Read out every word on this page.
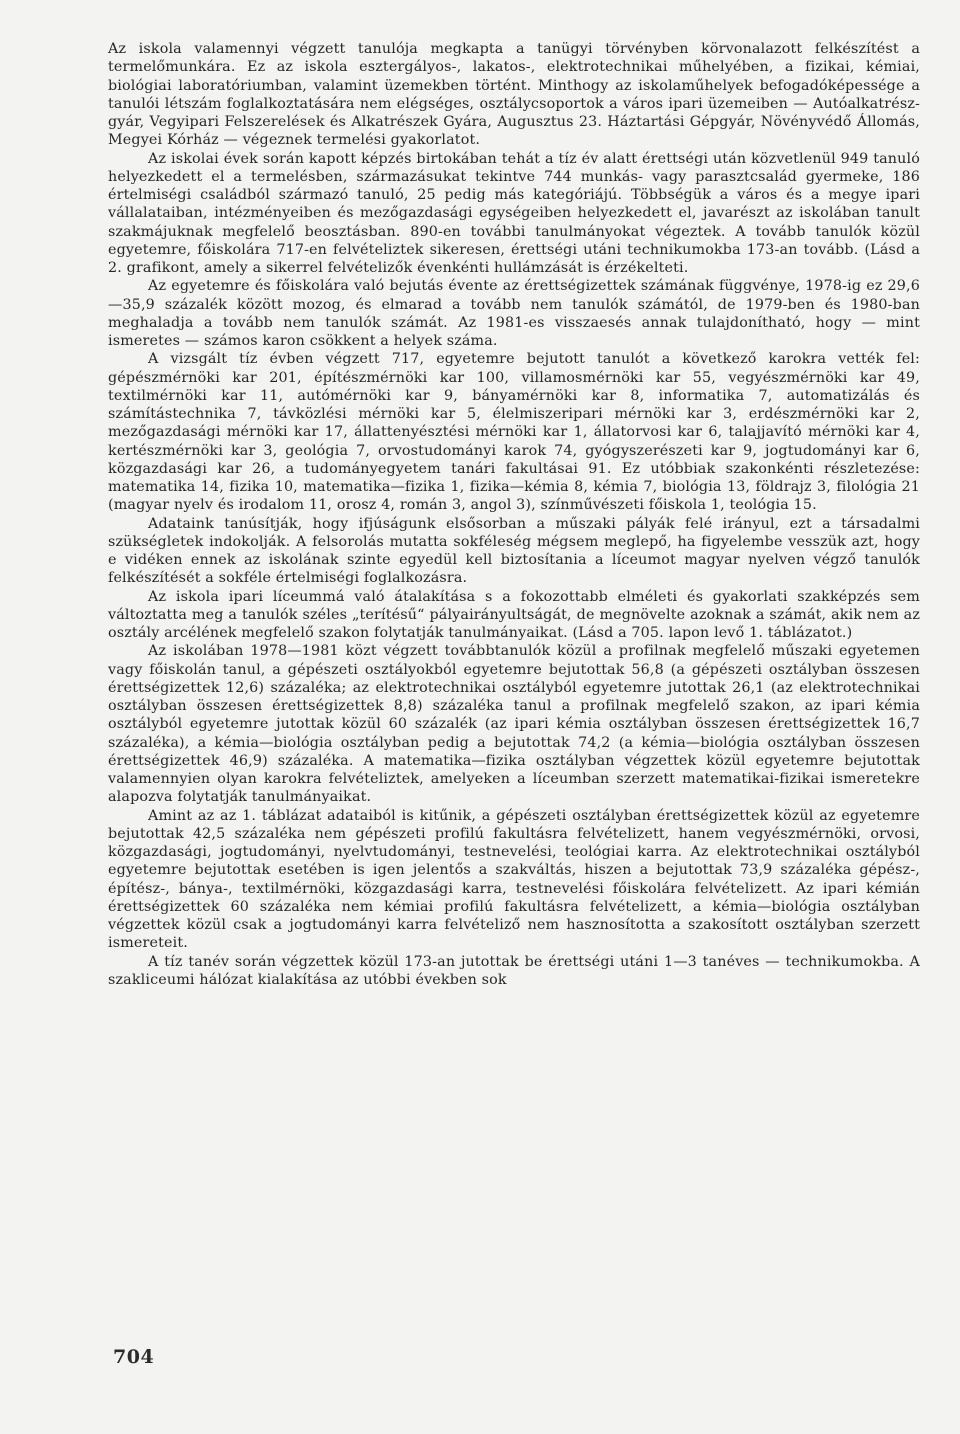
Az iskola valamennyi végzett tanulója megkapta a tanügyi törvényben körvonalazott felkészítést a termelőmunkára. Ez az iskola esztergályos-, lakatos-, elektrotechnikai műhelyében, a fizikai, kémiai, biológiai laboratóriumban, valamint üzemekben történt. Minthogy az iskolaműhelyek befogadóképessége a tanulói létszám foglalkoztatására nem elégséges, osztálycsoportok a város ipari üzemeiben — Autóalkatrész-gyár, Vegyipari Felszerelések és Alkatrészek Gyára, Augusztus 23. Háztartási Gépgyár, Növényvédő Állomás, Megyei Kórház — végeznek termelési gyakorlatot.

Az iskolai évek során kapott képzés birtokában tehát a tíz év alatt érettségi után közvetlenül 949 tanuló helyezkedett el a termelésben, származásukat tekintve 744 munkás- vagy parasztcsalád gyermeke, 186 értelmiségi családból származó tanuló, 25 pedig más kategóriájú. Többségük a város és a megye ipari vállalataiban, intézményeiben és mezőgazdasági egységeiben helyezkedett el, javarészt az iskolában tanult szakmájuknak megfelelő beosztásban. 890-en további tanulmányokat végeztek. A tovább tanulók közül egyetemre, főiskolára 717-en felvételiztek sikeresen, érettségi utáni technikumokba 173-an tovább. (Lásd a 2. grafikont, amely a sikerrel felvételizők évenkénti hullámzását is érzékelteti.

Az egyetemre és főiskolára való bejutás évente az érettségizettek számának függvénye, 1978-ig ez 29,6—35,9 százalék között mozog, és elmarad a tovább nem tanulók számától, de 1979-ben és 1980-ban meghaladja a tovább nem tanulók számát. Az 1981-es visszaesés annak tulajdonítható, hogy — mint ismeretes — számos karon csökkent a helyek száma.

A vizsgált tíz évben végzett 717, egyetemre bejutott tanulót a következő karokra vették fel: gépészmérnöki kar 201, építészmérnöki kar 100, villamosmérnöki kar 55, vegyészmérnöki kar 49, textilmérnöki kar 11, autómérnöki kar 9, bányamérnöki kar 8, informatika 7, automatizálás és számítástechnika 7, távközlési mérnöki kar 5, élelmiszeripari mérnöki kar 3, erdészmérnöki kar 2, mezőgazdasági mérnöki kar 17, állattenyésztési mérnöki kar 1, állatorvosi kar 6, talajjavító mérnöki kar 4, kertészmérnöki kar 3, geológia 7, orvostudományi karok 74, gyógyszerészeti kar 9, jogtudományi kar 6, közgazdasági kar 26, a tudományegyetem tanári fakultásai 91. Ez utóbbiak szakonkénti részletezése: matematika 14, fizika 10, matematika—fizika 1, fizika—kémia 8, kémia 7, biológia 13, földrajz 3, filológia 21 (magyar nyelv és irodalom 11, orosz 4, román 3, angol 3), színművészeti főiskola 1, teológia 15.

Adataink tanúsítják, hogy ifjúságunk elsősorban a műszaki pályák felé irányul, ezt a társadalmi szükségletek indokolják. A felsorolás mutatta sokféleség mégsem meglepő, ha figyelembe vesszük azt, hogy e vidéken ennek az iskolának szinte egyedül kell biztosítania a líceumot magyar nyelven végző tanulók felkészítését a sokféle értelmiségi foglalkozásra.

Az iskola ipari líceummá való átalakítása s a fokozottabb elméleti és gyakorlati szakképzés sem változtatta meg a tanulók széles „terítésű“ pályairányultságát, de megnövelte azoknak a számát, akik nem az osztály arcélének megfelelő szakon folytatják tanulmányaikat. (Lásd a 705. lapon levő 1. táblázatot.)

Az iskolában 1978—1981 közt végzett továbbtanulók közül a profilnak megfelelő műszaki egyetemen vagy főiskolán tanul, a gépészeti osztályokból egyetemre bejutottak 56,8 (a gépészeti osztályban összesen érettségizettek 12,6) százaléka; az elektrotechnikai osztályból egyetemre jutottak 26,1 (az elektrotechnikai osztályban összesen érettségizettek 8,8) százaléka tanul a profilnak megfelelő szakon, az ipari kémia osztályból egyetemre jutottak közül 60 százalék (az ipari kémia osztályban összesen érettségizettek 16,7 százaléka), a kémia—biológia osztályban pedig a bejutottak 74,2 (a kémia—biológia osztályban összesen érettségizettek 46,9) százaléka. A matematika—fizika osztályban végzettek közül egyetemre bejutottak valamennyien olyan karokra felvételiztek, amelyeken a líceumban szerzett matematikai-fizikai ismeretekre alapozva folytatják tanulmányaikat.

Amint az az 1. táblázat adataiból is kitűnik, a gépészeti osztályban érettségizettek közül az egyetemre bejutottak 42,5 százaléka nem gépészeti profilú fakultásra felvételizett, hanem vegyészmérnöki, orvosi, közgazdasági, jogtudományi, nyelvtudományi, testnevelési, teológiai karra. Az elektrotechnikai osztályból egyetemre bejutottak esetében is igen jelentős a szakváltás, hiszen a bejutottak 73,9 százaléka gépész-, építész-, bánya-, textilmérnöki, közgazdasági karra, testnevelési főiskolára felvételizett. Az ipari kémián érettségizettek 60 százaléka nem kémiai profilú fakultásra felvételizett, a kémia—biológia osztályban végzettek közül csak a jogtudományi karra felvételiző nem hasznosította a szakosított osztályban szerzett ismereteit.

A tíz tanév során végzettek közül 173-an jutottak be érettségi utáni 1—3 tanéves — technikumokba. A szakliceumi hálózat kialakítása az utóbbi években sok

704
